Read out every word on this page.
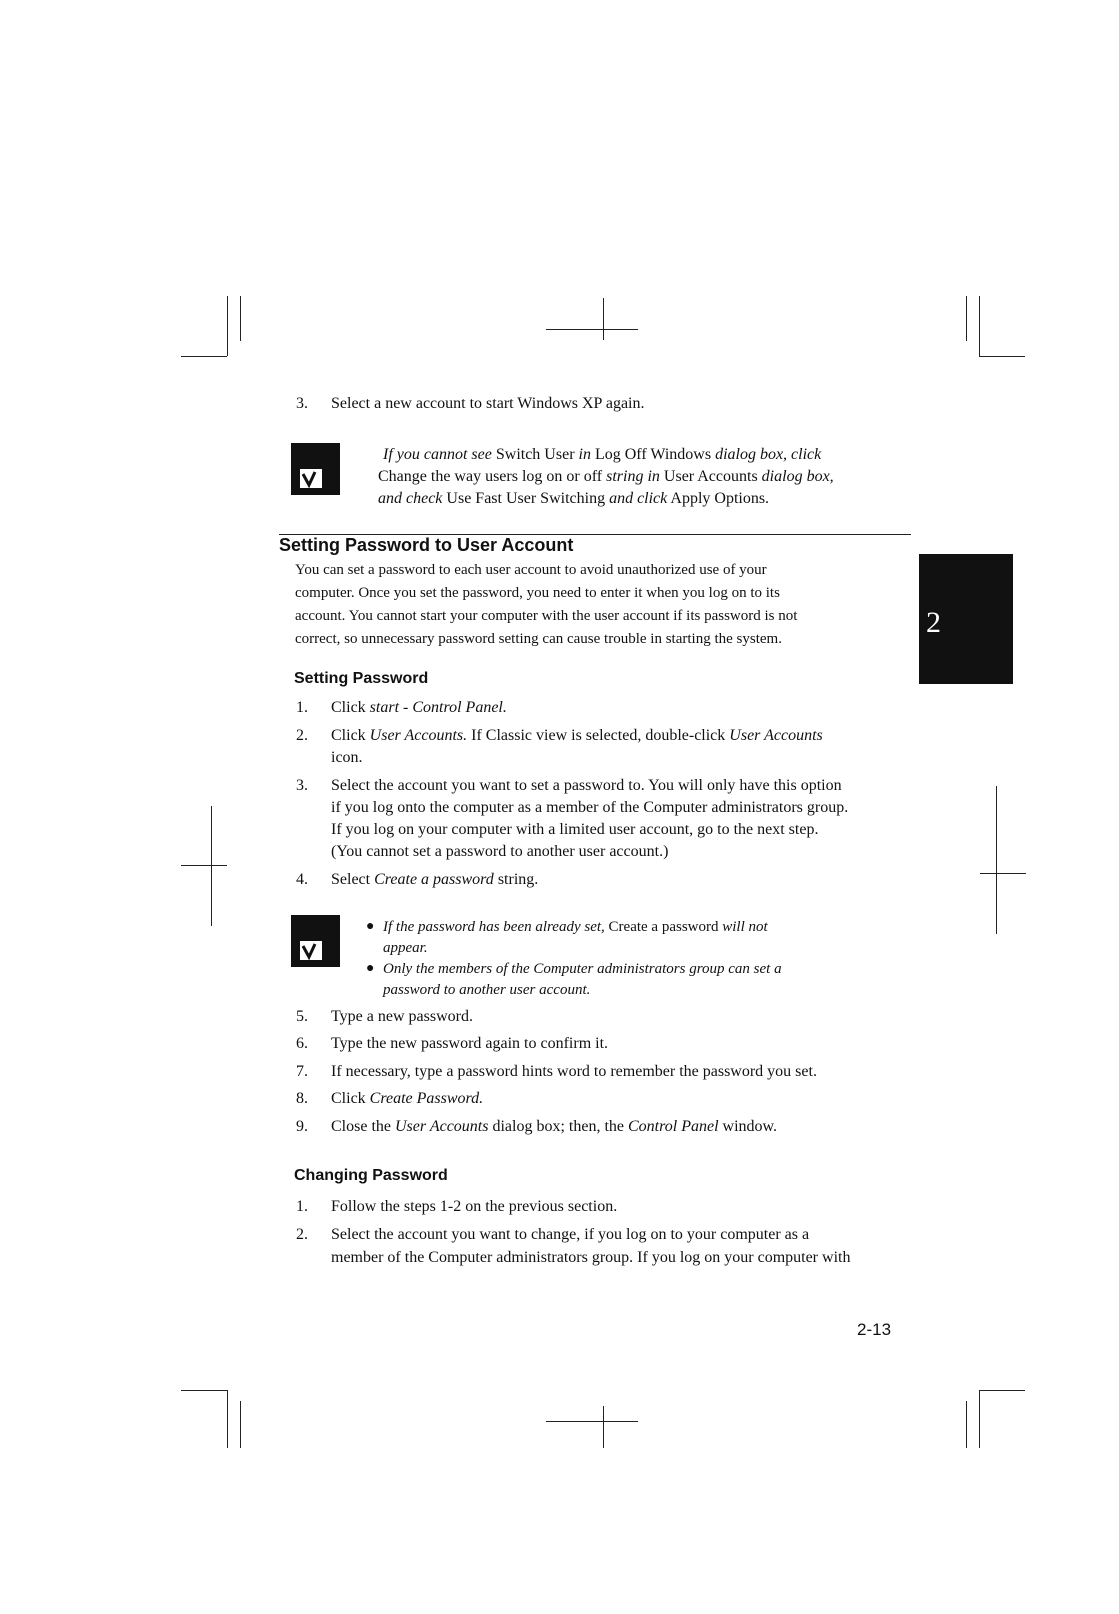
3.	Select a new account to start Windows XP again.
If you cannot see Switch User in Log Off Windows dialog box, click
Change the way users log on or off string in User Accounts dialog box,
and check Use Fast User Switching and click Apply Options.
Setting Password to User Account
You can set a password to each user account to avoid unauthorized use of your
computer. Once you set the password, you need to enter it when you log on to its
account. You cannot start your computer with the user account if its password is not
correct, so unnecessary password setting can cause trouble in starting the system.	2
Setting Password
1.	Click start - Control Panel.
2.	Click User Accounts. If Classic view is selected, double-click User Accounts
icon.
3.	Select the account you want to set a password to. You will only have this option
if you log onto the computer as a member of the Computer administrators group.
If you log on your computer with a limited user account, go to the next step.
(You cannot set a password to another user account.)
4.	Select Create a password string.
● If the password has been already set, Create a password will not
appear.
● Only the members of the Computer administrators group can set a
password to another user account.
5.	Type a new password.
6.	Type the new password again to confirm it.
7.	If necessary, type a password hints word to remember the password you set.
8.	Click Create Password.
9.	Close the User Accounts dialog box; then, the Control Panel window.
Changing Password
1.	Follow the steps 1-2 on the previous section.
2.	Select the account you want to change, if you log on to your computer as a
member of the Computer administrators group. If you log on your computer with
2-13
